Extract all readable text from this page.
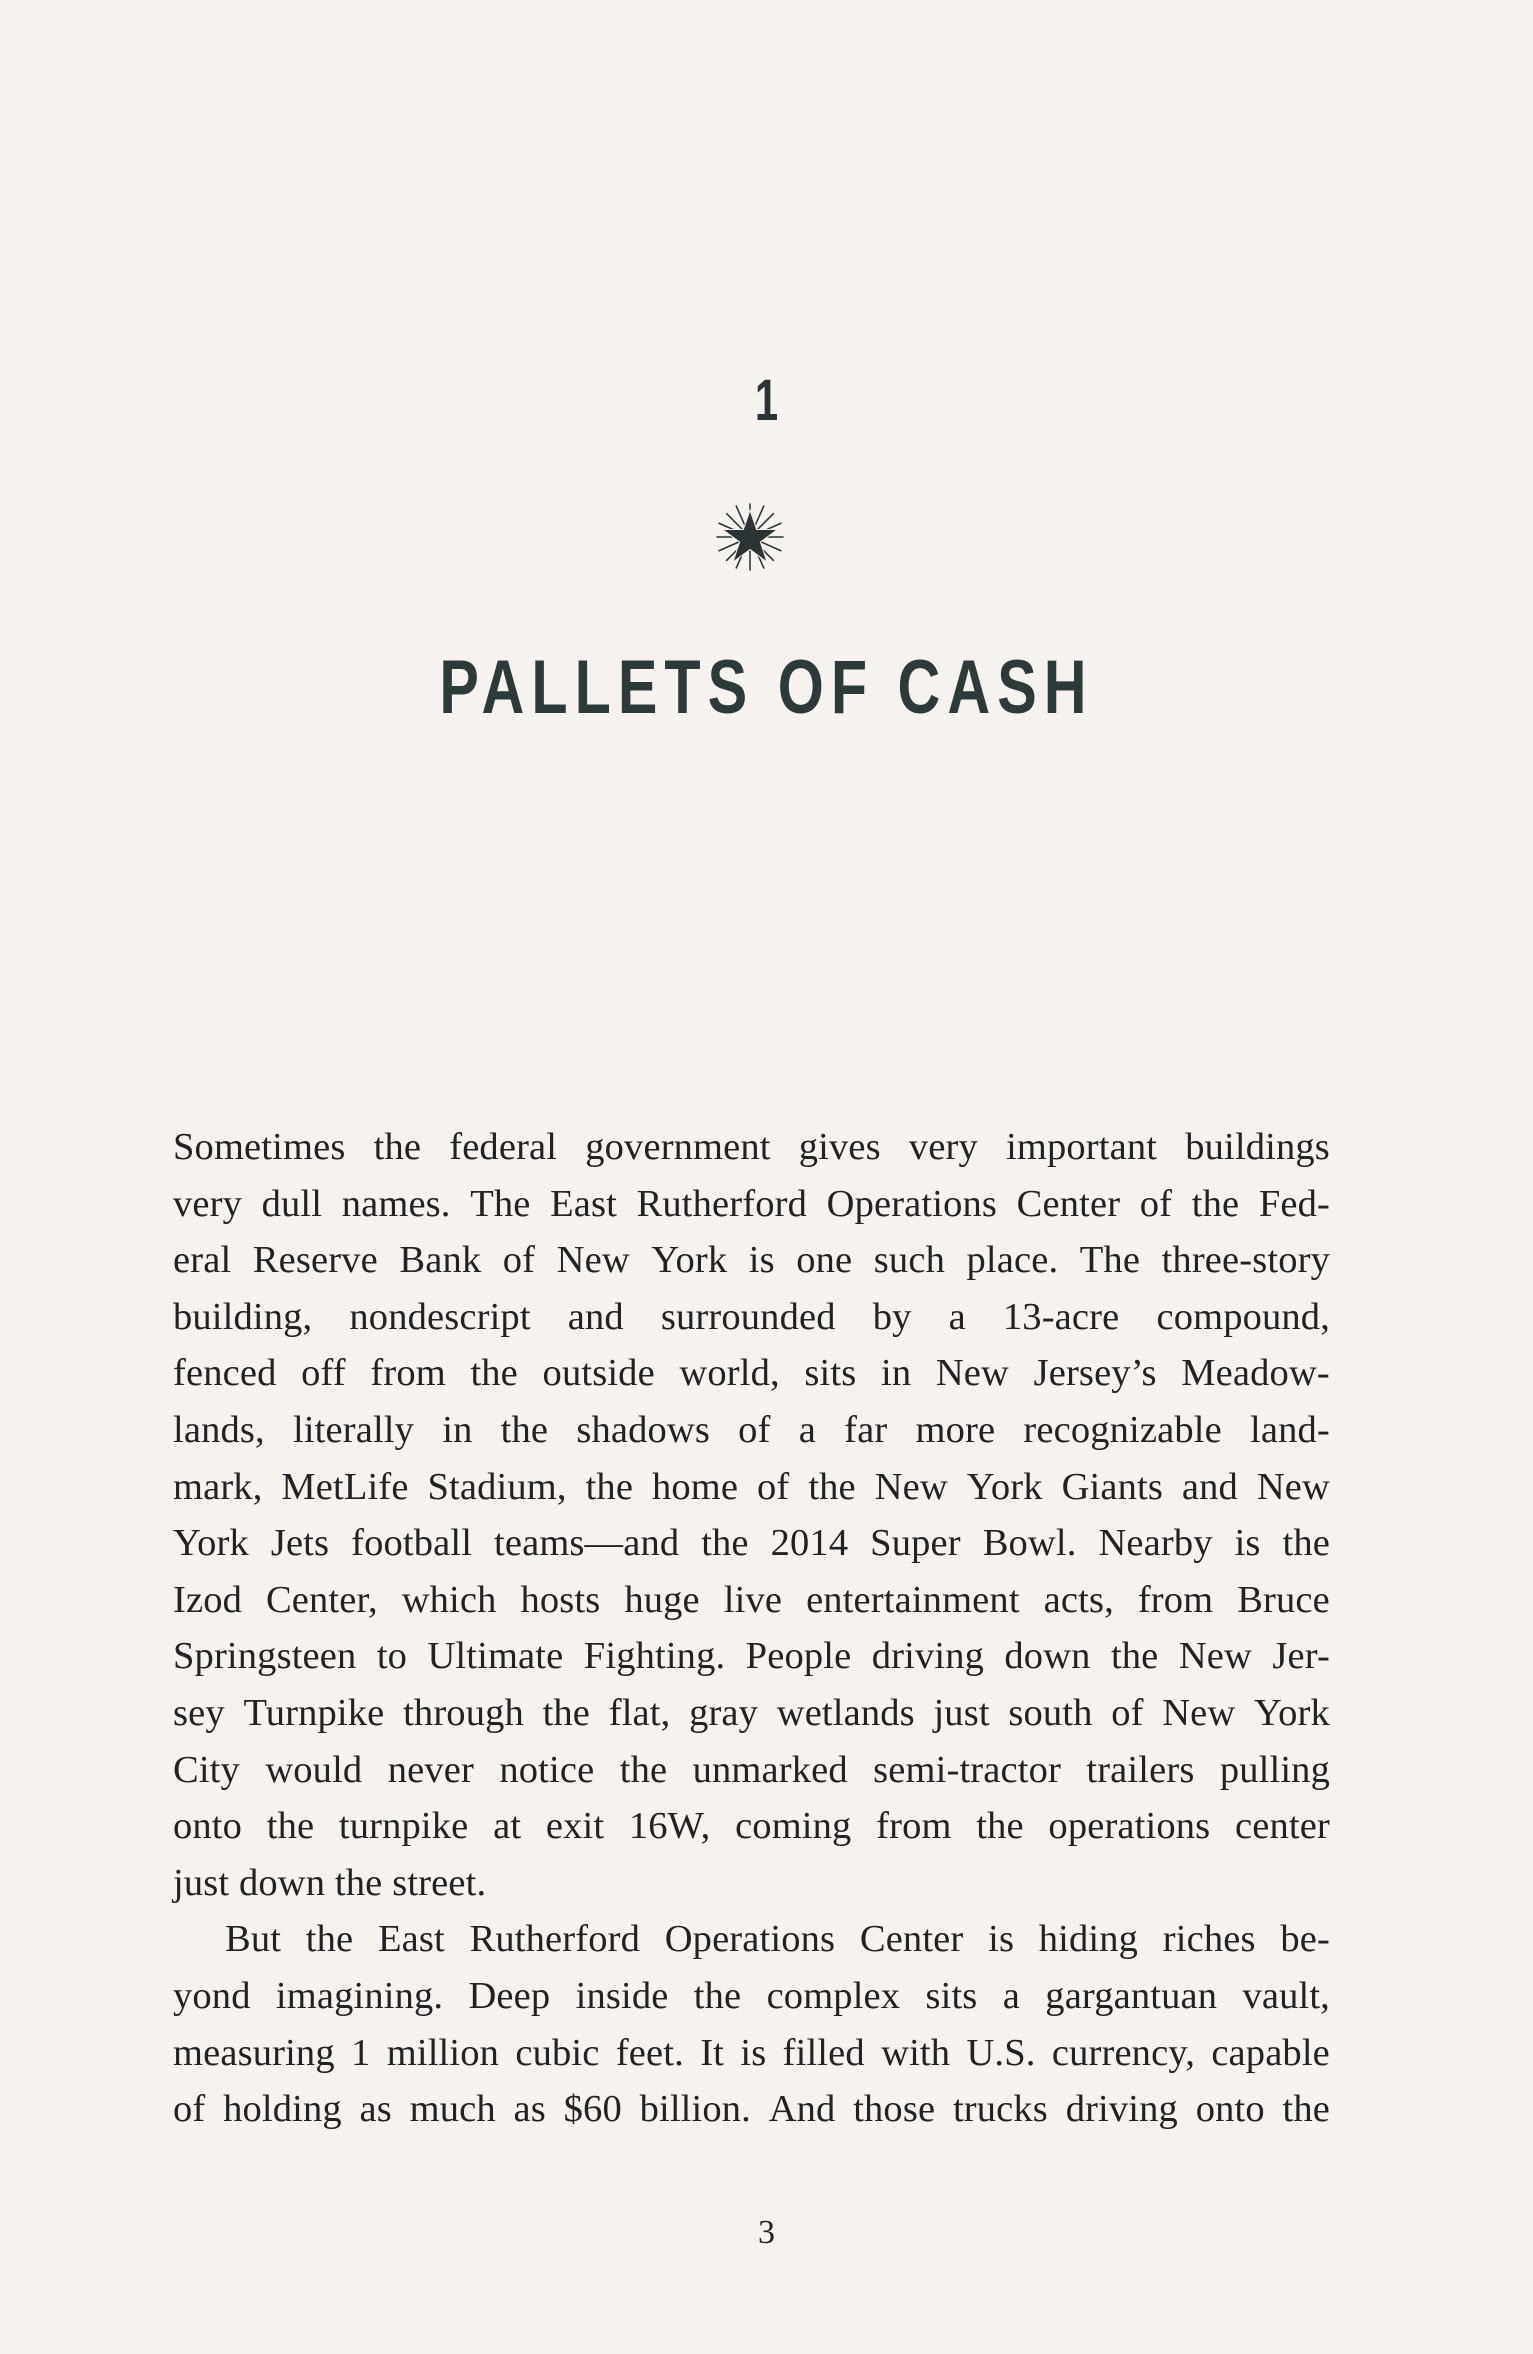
1
PALLETS OF CASH
Sometimes the federal government gives very important buildings
very dull names. The East Rutherford Operations Center of the Fed-
eral Reserve Bank of New York is one such place. The three-story
building, nondescript and surrounded by a 13-acre compound,
fenced off from the outside world, sits in New Jersey’s Meadow-
lands, literally in the shadows of a far more recognizable land-
mark, MetLife Stadium, the home of the New York Giants and New
York Jets football teams—and the 2014 Super Bowl. Nearby is the
Izod Center, which hosts huge live entertainment acts, from Bruce
Springsteen to Ultimate Fighting. People driving down the New Jer-
sey Turnpike through the flat, gray wetlands just south of New York
City would never notice the unmarked semi-tractor trailers pulling
onto the turnpike at exit 16W, coming from the operations center
just down the street.
But the East Rutherford Operations Center is hiding riches be-
yond imagining. Deep inside the complex sits a gargantuan vault,
measuring 1 million cubic feet. It is filled with U.S. currency, capable
of holding as much as $60 billion. And those trucks driving onto the
3
